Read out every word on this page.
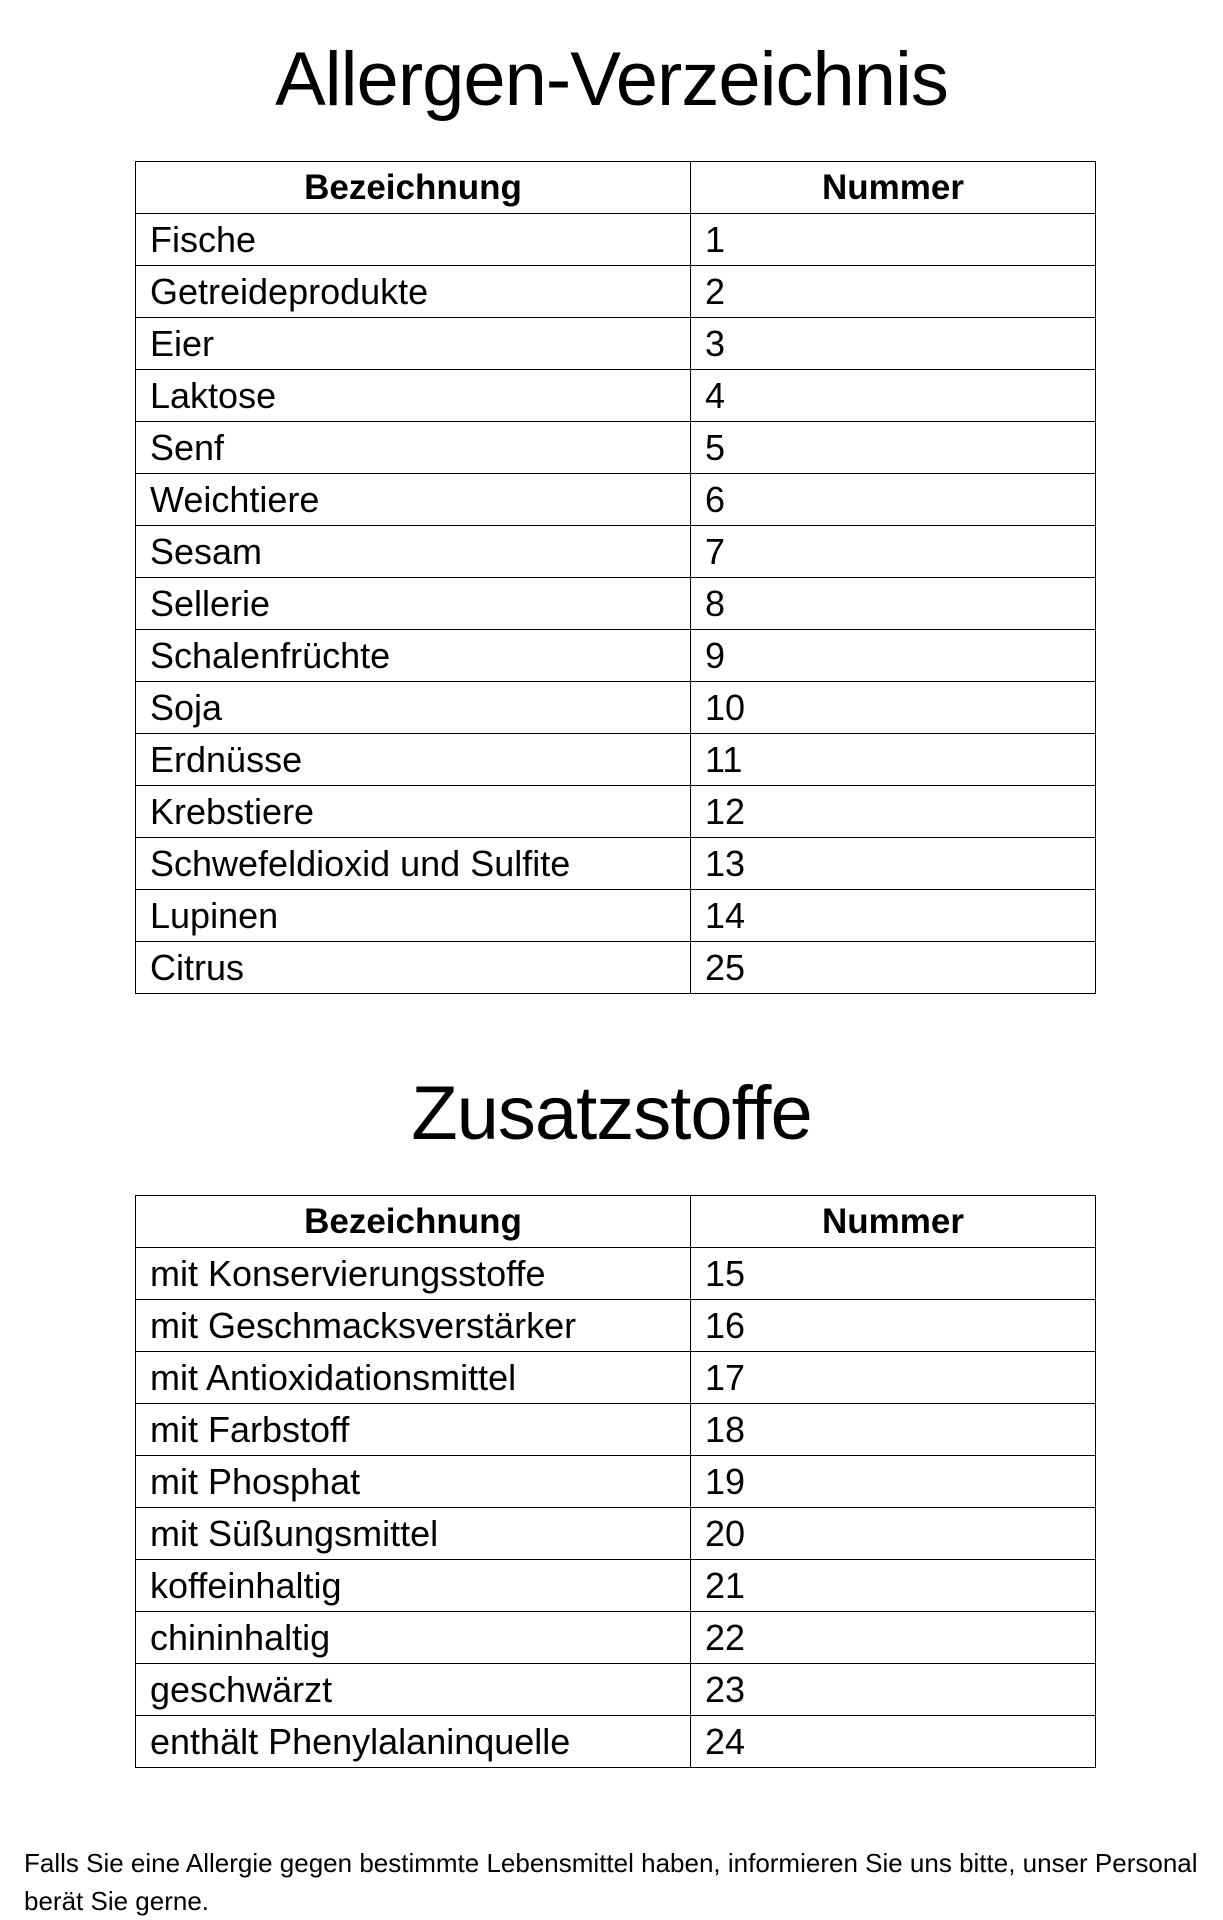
Allergen-Verzeichnis
Bezeichnung	Nummer
Fische	1
Getreideprodukte	2
Eier	3
Laktose	4
Senf	5
Weichtiere	6
Sesam	7
Sellerie	8
Schalenfrüchte	9
Soja	10
Erdnüsse	11
Krebstiere	12
Schwefeldioxid und Sulfite	13
Lupinen	14
Citrus	25
Zusatzstoffe
Bezeichnung	Nummer
mit Konservierungsstoffe	15
mit Geschmacksverstärker	16
mit Antioxidationsmittel	17
mit Farbstoff	18
mit Phosphat	19
mit Süßungsmittel	20
koffeinhaltig	21
chininhaltig	22
geschwärzt	23
enthält Phenylalaninquelle	24

Falls Sie eine Allergie gegen bestimmte Lebensmittel haben, informieren Sie uns bitte, unser Personal berät Sie gerne.
